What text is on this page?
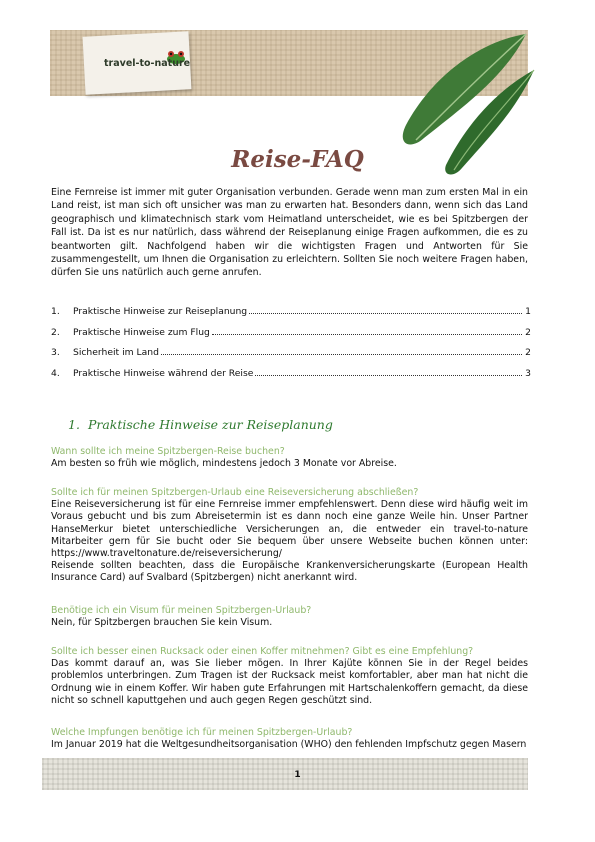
travel-to-nature
Reise-FAQ
Eine Fernreise ist immer mit guter Organisation verbunden. Gerade wenn man zum ersten Mal in ein Land reist, ist man sich oft unsicher was man zu erwarten hat. Besonders dann, wenn sich das Land geographisch und klimatechnisch stark vom Heimatland unterscheidet, wie es bei Spitzbergen der Fall ist. Da ist es nur natürlich, dass während der Reiseplanung einige Fragen aufkommen, die es zu beantworten gilt. Nachfolgend haben wir die wichtigsten Fragen und Antworten für Sie zusammengestellt, um Ihnen die Organisation zu erleichtern. Sollten Sie noch weitere Fragen haben, dürfen Sie uns natürlich auch gerne anrufen.
1.	Praktische Hinweise zur Reiseplanung	1
2.	Praktische Hinweise zum Flug	2
3.	Sicherheit im Land	2
4.	Praktische Hinweise während der Reise	3
1. Praktische Hinweise zur Reiseplanung
Wann sollte ich meine Spitzbergen-Reise buchen?
Am besten so früh wie möglich, mindestens jedoch 3 Monate vor Abreise.
Sollte ich für meinen Spitzbergen-Urlaub eine Reiseversicherung abschließen?
Eine Reiseversicherung ist für eine Fernreise immer empfehlenswert. Denn diese wird häufig weit im Voraus gebucht und bis zum Abreisetermin ist es dann noch eine ganze Weile hin. Unser Partner HanseMerkur bietet unterschiedliche Versicherungen an, die entweder ein travel-to-nature Mitarbeiter gern für Sie bucht oder Sie bequem über unsere Webseite buchen können unter: https://www.traveltonature.de/reiseversicherung/
Reisende sollten beachten, dass die Europäische Krankenversicherungskarte (European Health Insurance Card) auf Svalbard (Spitzbergen) nicht anerkannt wird.
Benötige ich ein Visum für meinen Spitzbergen-Urlaub?
Nein, für Spitzbergen brauchen Sie kein Visum.
Sollte ich besser einen Rucksack oder einen Koffer mitnehmen? Gibt es eine Empfehlung?
Das kommt darauf an, was Sie lieber mögen. In Ihrer Kajüte können Sie in der Regel beides problemlos unterbringen. Zum Tragen ist der Rucksack meist komfortabler, aber man hat nicht die Ordnung wie in einem Koffer. Wir haben gute Erfahrungen mit Hartschalenkoffern gemacht, da diese nicht so schnell kaputtgehen und auch gegen Regen geschützt sind.
Welche Impfungen benötige ich für meinen Spitzbergen-Urlaub?
Im Januar 2019 hat die Weltgesundheitsorganisation (WHO) den fehlenden Impfschutz gegen Masern
1
